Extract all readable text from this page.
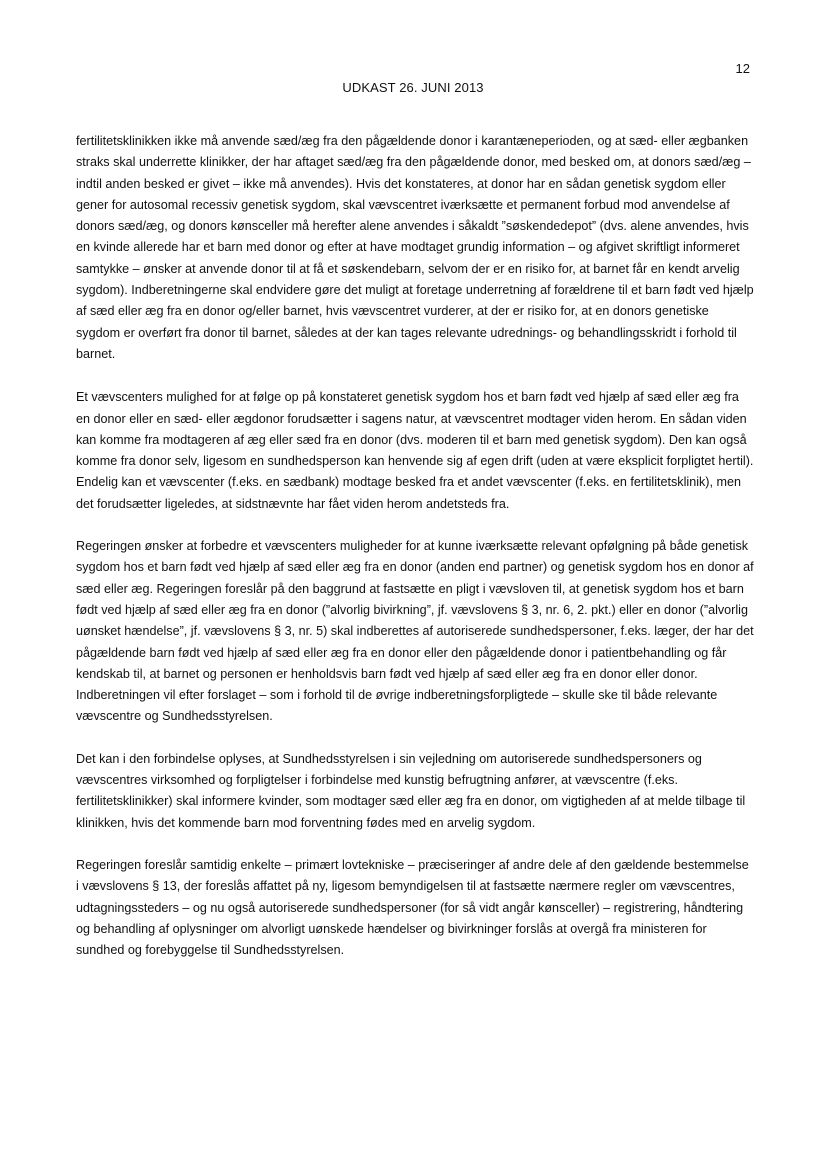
12
UDKAST 26. JUNI 2013

fertilitetsklinikken ikke må anvende sæd/æg fra den pågældende donor i karantæneperioden, og at sæd- eller ægbanken straks skal underrette klinikker, der har aftaget sæd/æg fra den pågældende donor, med besked om, at donors sæd/æg – indtil anden besked er givet – ikke må anvendes). Hvis det konstateres, at donor har en sådan genetisk sygdom eller gener for autosomal recessiv genetisk sygdom, skal vævscentret iværksætte et permanent forbud mod anvendelse af donors sæd/æg, og donors kønsceller må herefter alene anvendes i såkaldt ”søskendedepot” (dvs. alene anvendes, hvis en kvinde allerede har et barn med donor og efter at have modtaget grundig information – og afgivet skriftligt informeret samtykke – ønsker at anvende donor til at få et søskendebarn, selvom der er en risiko for, at barnet får en kendt arvelig sygdom). Indberetningerne skal endvidere gøre det muligt at foretage underretning af forældrene til et barn født ved hjælp af sæd eller æg fra en donor og/eller barnet, hvis vævscentret vurderer, at der er risiko for, at en donors genetiske sygdom er overført fra donor til barnet, således at der kan tages relevante udrednings- og behandlingsskridt i forhold til barnet.

Et vævscenters mulighed for at følge op på konstateret genetisk sygdom hos et barn født ved hjælp af sæd eller æg fra en donor eller en sæd- eller ægdonor forudsætter i sagens natur, at vævscentret modtager viden herom. En sådan viden kan komme fra modtageren af æg eller sæd fra en donor (dvs. moderen til et barn med genetisk sygdom). Den kan også komme fra donor selv, ligesom en sundhedsperson kan henvende sig af egen drift (uden at være eksplicit forpligtet hertil). Endelig kan et vævscenter (f.eks. en sædbank) modtage besked fra et andet vævscenter (f.eks. en fertilitetsklinik), men det forudsætter ligeledes, at sidstnævnte har fået viden herom andetsteds fra.

Regeringen ønsker at forbedre et vævscenters muligheder for at kunne iværksætte relevant opfølgning på både genetisk sygdom hos et barn født ved hjælp af sæd eller æg fra en donor (anden end partner) og genetisk sygdom hos en donor af sæd eller æg. Regeringen foreslår på den baggrund at fastsætte en pligt i vævsloven til, at genetisk sygdom hos et barn født ved hjælp af sæd eller æg fra en donor (”alvorlig bivirkning”, jf. vævslovens § 3, nr. 6, 2. pkt.) eller en donor (”alvorlig uønsket hændelse”, jf. vævslovens § 3, nr. 5) skal indberettes af autoriserede sundhedspersoner, f.eks. læger, der har det pågældende barn født ved hjælp af sæd eller æg fra en donor eller den pågældende donor i patientbehandling og får kendskab til, at barnet og personen er henholdsvis barn født ved hjælp af sæd eller æg fra en donor eller donor. Indberetningen vil efter forslaget – som i forhold til de øvrige indberetningsforpligtede – skulle ske til både relevante vævscentre og Sundhedsstyrelsen.

Det kan i den forbindelse oplyses, at Sundhedsstyrelsen i sin vejledning om autoriserede sundhedspersoners og vævscentres virksomhed og forpligtelser i forbindelse med kunstig befrugtning anfører, at vævscentre (f.eks. fertilitetsklinikker) skal informere kvinder, som modtager sæd eller æg fra en donor, om vigtigheden af at melde tilbage til klinikken, hvis det kommende barn mod forventning fødes med en arvelig sygdom.

Regeringen foreslår samtidig enkelte – primært lovtekniske – præciseringer af andre dele af den gældende bestemmelse i vævslovens § 13, der foreslås affattet på ny, ligesom bemyndigelsen til at fastsætte nærmere regler om vævscentres, udtagningssteders – og nu også autoriserede sundhedspersoner (for så vidt angår kønsceller) – registrering, håndtering og behandling af oplysninger om alvorligt uønskede hændelser og bivirkninger forslås at overgå fra ministeren for sundhed og forebyggelse til Sundhedsstyrelsen.
